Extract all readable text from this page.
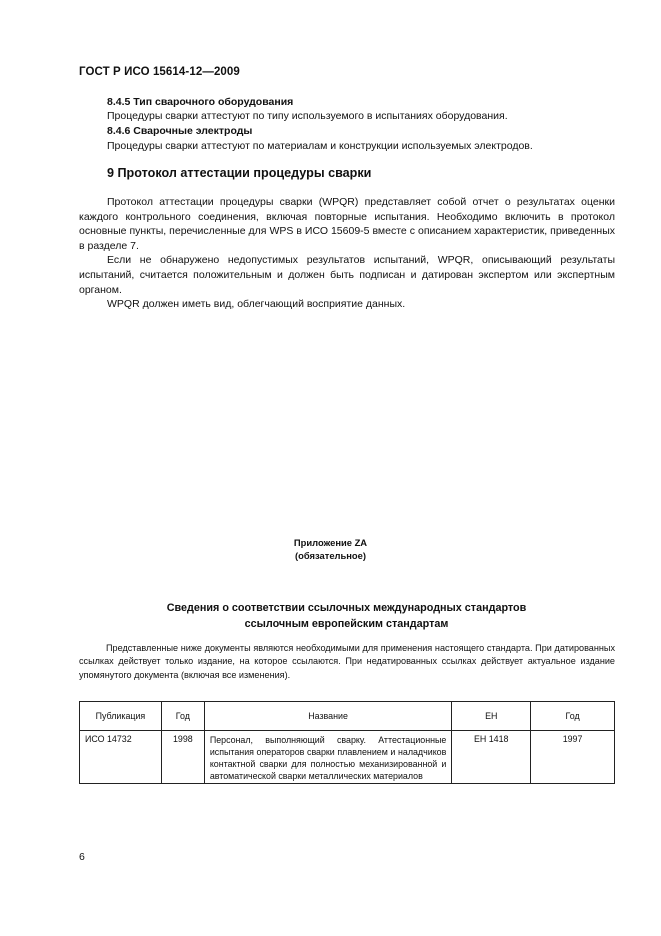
ГОСТ Р ИСО 15614-12—2009
8.4.5 Тип сварочного оборудования
Процедуры сварки аттестуют по типу используемого в испытаниях оборудования.
8.4.6 Сварочные электроды
Процедуры сварки аттестуют по материалам и конструкции используемых электродов.
9 Протокол аттестации процедуры сварки

Протокол аттестации процедуры сварки (WPQR) представляет собой отчет о результатах оценки каждого контрольного соединения, включая повторные испытания. Необходимо включить в протокол основные пункты, перечисленные для WPS в ИСО 15609-5 вместе с описанием характеристик, приведенных в разделе 7.

Если не обнаружено недопустимых результатов испытаний, WPQR, описывающий результаты испытаний, считается положительным и должен быть подписан и датирован экспертом или экспертным органом.

WPQR должен иметь вид, облегчающий восприятие данных.

Приложение ZA
(обязательное)
Сведения о соответствии ссылочных международных стандартов
ссылочным европейским стандартам

Представленные ниже документы являются необходимыми для применения настоящего стандарта. При датированных ссылках действует только издание, на которое ссылаются. При недатированных ссылках действует актуальное издание упомянутого документа (включая все изменения).

Публикация	Год	Название	ЕН	Год
ИСО 14732	1998	Персонал, выполняющий сварку. Аттестационные испытания операторов сварки плавлением и наладчиков контактной сварки для полностью механизированной и автоматической сварки металлических материалов	ЕН 1418	1997
6
